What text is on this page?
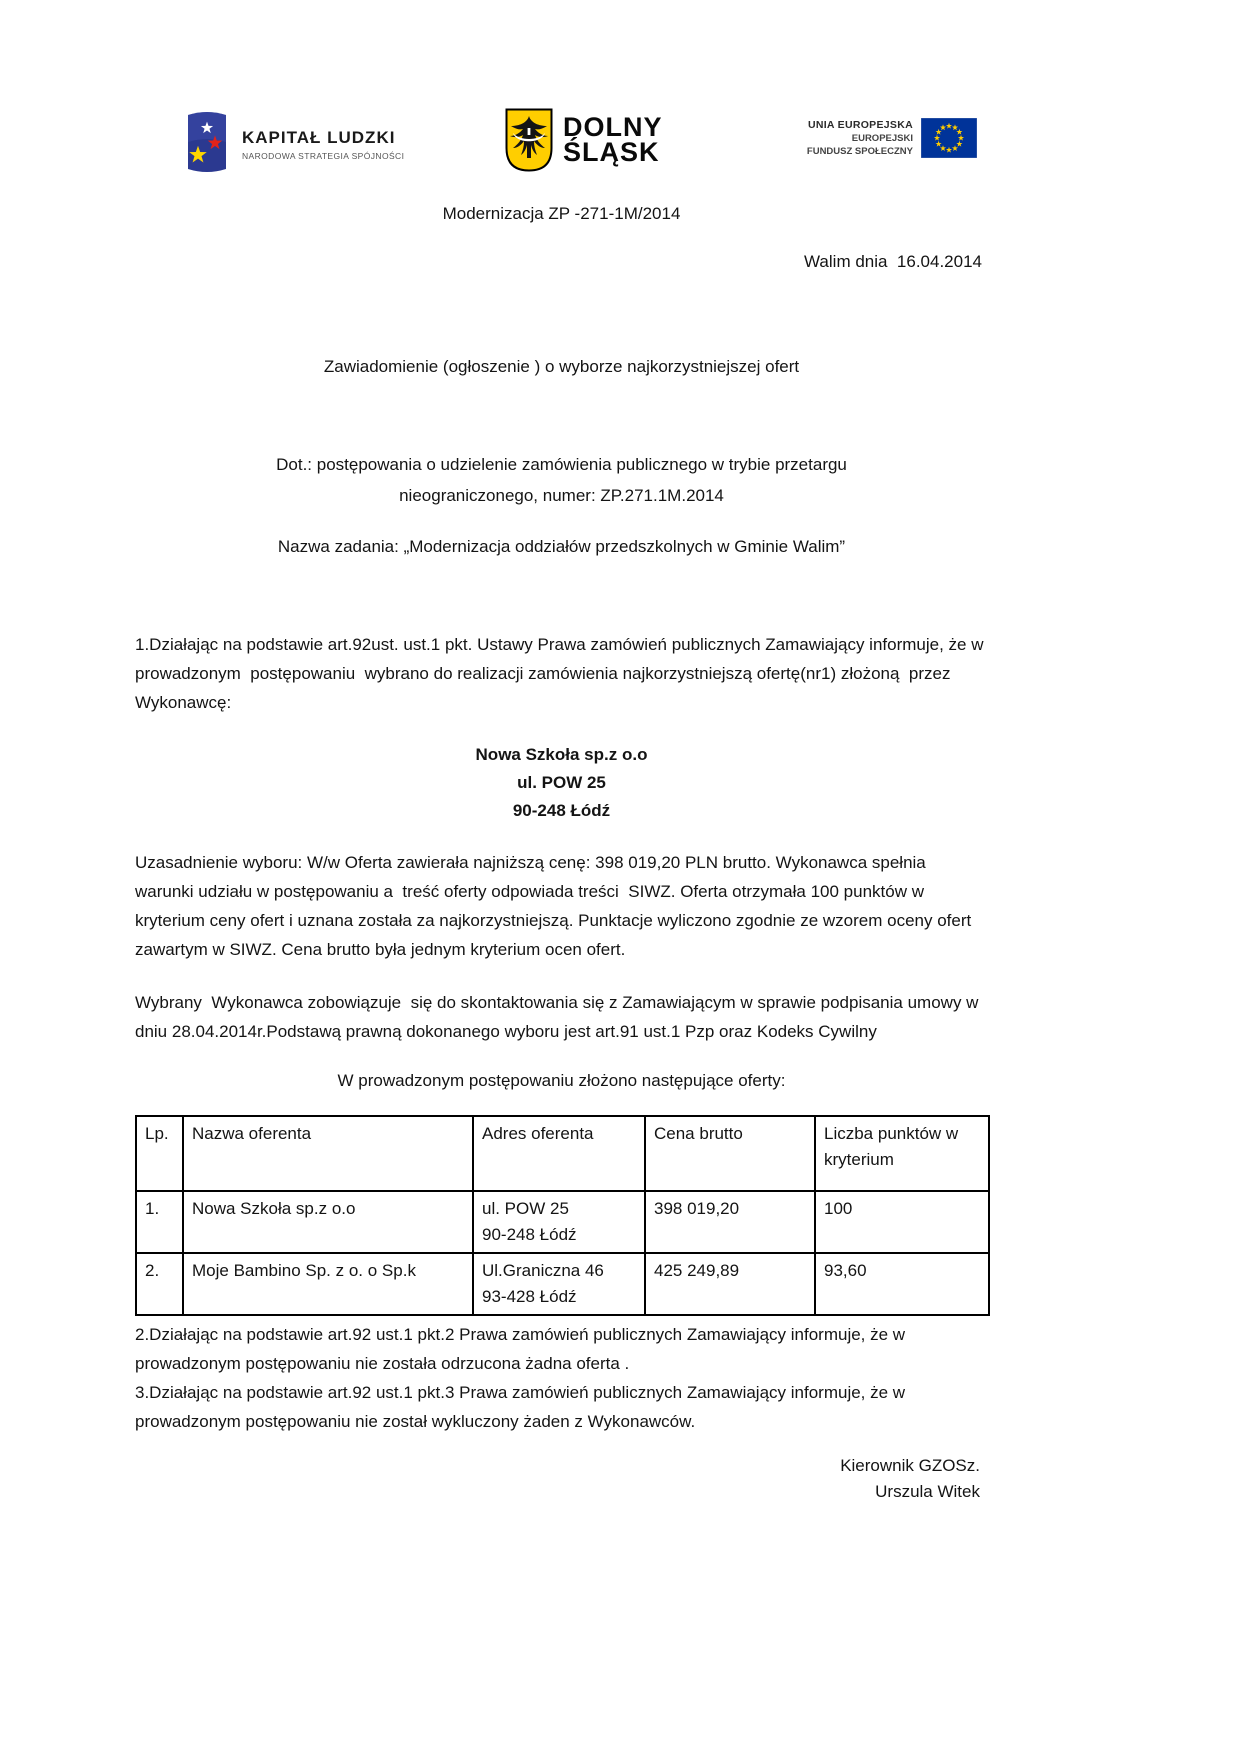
KAPITAŁ LUDZKI
NARODOWA STRATEGIA SPÓJNOŚCI
DOLNY
ŚLĄSK
UNIA EUROPEJSKA
EUROPEJSKI
FUNDUSZ SPOŁECZNY
Modernizacja ZP -271-1M/2014
Walim dnia  16.04.2014
Zawiadomienie (ogłoszenie ) o wyborze najkorzystniejszej ofert
Dot.: postępowania o udzielenie zamówienia publicznego w trybie przetargu
nieograniczonego, numer: ZP.271.1M.2014
Nazwa zadania: „Modernizacja oddziałów przedszkolnych w Gminie Walim”
1.Działając na podstawie art.92ust. ust.1 pkt. Ustawy Prawa zamówień publicznych Zamawiający informuje, że w prowadzonym  postępowaniu  wybrano do realizacji zamówienia najkorzystniejszą ofertę(nr1) złożoną  przez Wykonawcę:
Nowa Szkoła sp.z o.o
ul. POW 25
90-248 Łódź
Uzasadnienie wyboru: W/w Oferta zawierała najniższą cenę: 398 019,20 PLN brutto. Wykonawca spełnia warunki udziału w postępowaniu a  treść oferty odpowiada treści  SIWZ. Oferta otrzymała 100 punktów w kryterium ceny ofert i uznana została za najkorzystniejszą. Punktacje wyliczono zgodnie ze wzorem oceny ofert zawartym w SIWZ. Cena brutto była jednym kryterium ocen ofert.
Wybrany  Wykonawca zobowiązuje  się do skontaktowania się z Zamawiającym w sprawie podpisania umowy w dniu 28.04.2014r.Podstawą prawną dokonanego wyboru jest art.91 ust.1 Pzp oraz Kodeks Cywilny
W prowadzonym postępowaniu złożono następujące oferty:
Lp.	Nazwa oferenta	Adres oferenta	Cena brutto	Liczba punktów w kryterium
1.	Nowa Szkoła sp.z o.o	ul. POW 25
90-248 Łódź	398 019,20	100
2.	Moje Bambino Sp. z o. o Sp.k	Ul.Graniczna 46
93-428 Łódź	425 249,89	93,60
2.Działając na podstawie art.92 ust.1 pkt.2 Prawa zamówień publicznych Zamawiający informuje, że w prowadzonym postępowaniu nie została odrzucona żadna oferta .
3.Działając na podstawie art.92 ust.1 pkt.3 Prawa zamówień publicznych Zamawiający informuje, że w prowadzonym postępowaniu nie został wykluczony żaden z Wykonawców.
Kierownik GZOSz.
Urszula Witek
